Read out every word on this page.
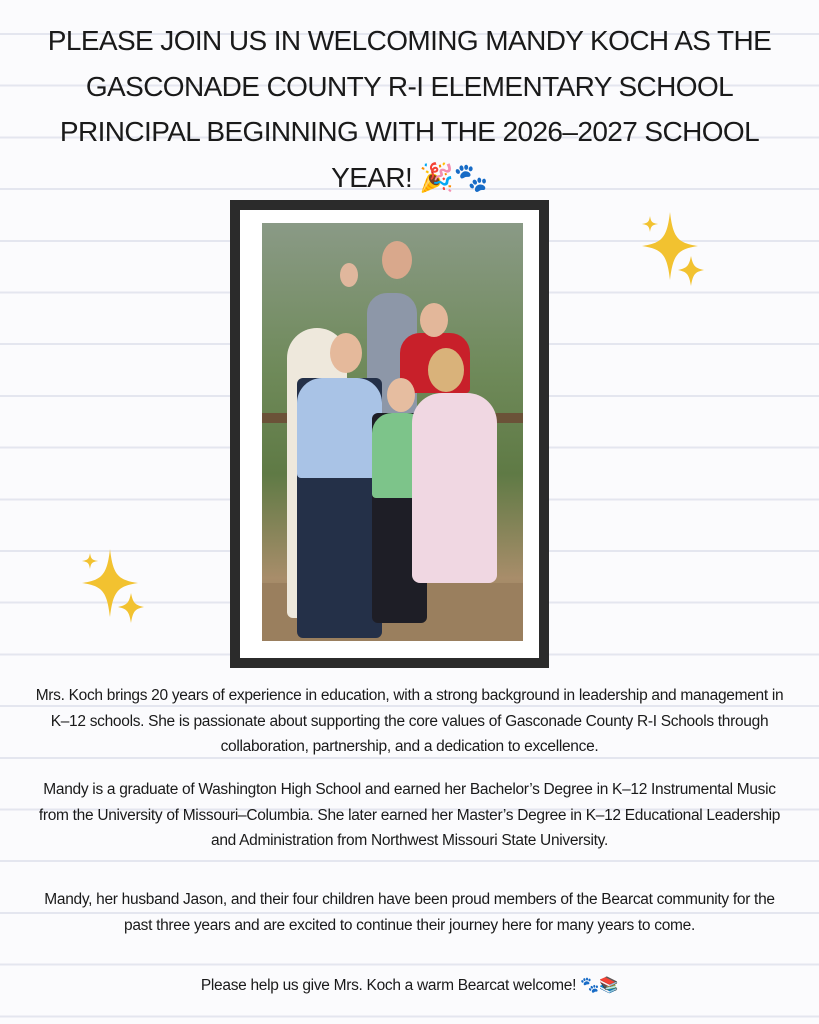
PLEASE JOIN US IN WELCOMING MANDY KOCH AS THE GASCONADE COUNTY R-I ELEMENTARY SCHOOL PRINCIPAL BEGINNING WITH THE 2026–2027 SCHOOL YEAR! 🎉🐾
Mrs. Koch brings 20 years of experience in education, with a strong background in leadership and management in K–12 schools. She is passionate about supporting the core values of Gasconade County R-I Schools through collaboration, partnership, and a dedication to excellence.
Mandy is a graduate of Washington High School and earned her Bachelor’s Degree in K–12 Instrumental Music from the University of Missouri–Columbia. She later earned her Master’s Degree in K–12 Educational Leadership and Administration from Northwest Missouri State University.
Mandy, her husband Jason, and their four children have been proud members of the Bearcat community for the past three years and are excited to continue their journey here for many years to come.
Please help us give Mrs. Koch a warm Bearcat welcome! 🐾📚
